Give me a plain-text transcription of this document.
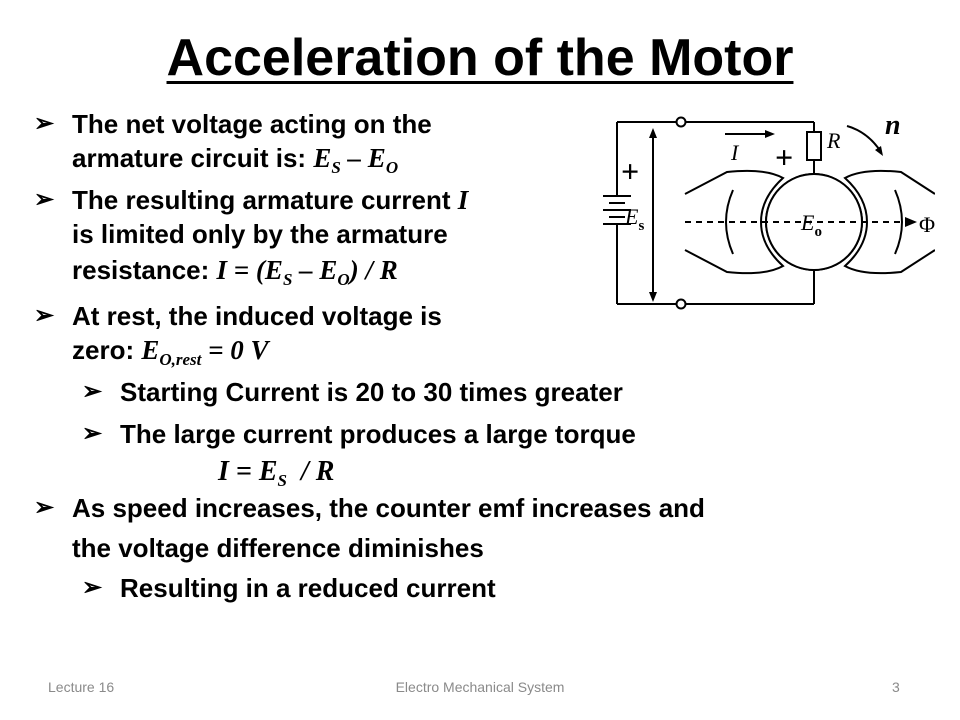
Acceleration of the Motor
➢ The net voltage acting on the
armature circuit is: $E_S - E_O$
➢ The resulting armature current I
is limited only by the armature
resistance: $I = (E_S - E_O) / R$
➢ At rest, the induced voltage is
zero: $E_{O,rest} = 0$ V
➢ Starting Current is 20 to 30 times greater
➢ The large current produces a large torque
$I = E_S / R$
➢ As speed increases, the counter emf increases and
the voltage difference diminishes
➢ Resulting in a reduced current
+	+
I	R n
$E_s$	$E_o$	Φ
Lecture 16	Electro Mechanical System	3
